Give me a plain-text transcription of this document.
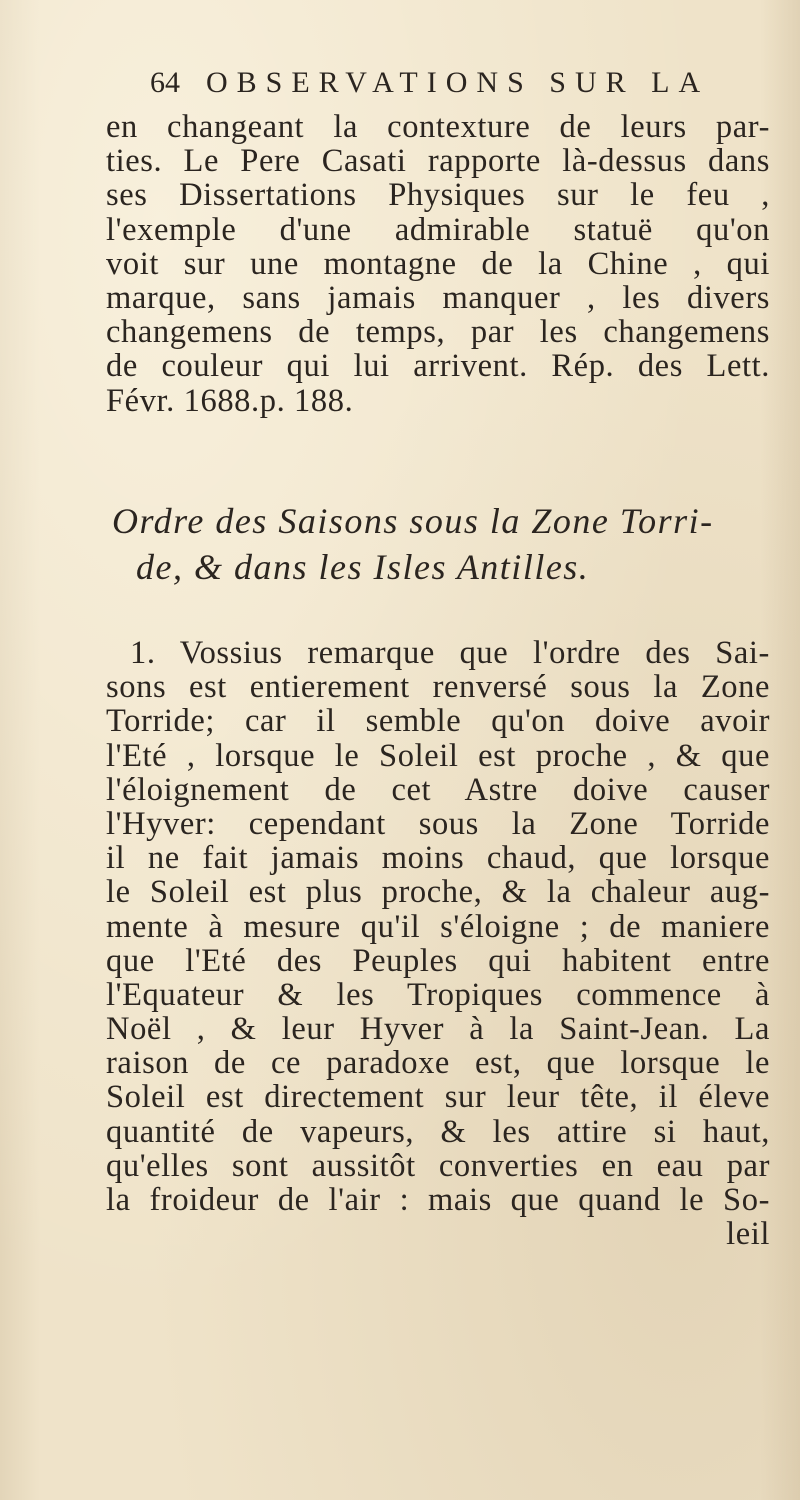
64 OBSERVATIONS SUR LA
en changeant la contexture de leurs par-
ties. Le Pere Casati rapporte là-dessus dans
ses Dissertations Physiques sur le feu ,
l'exemple d'une admirable statuë qu'on
voit sur une montagne de la Chine , qui
marque, sans jamais manquer , les divers
changemens de temps, par les changemens
de couleur qui lui arrivent. Rép. des Lett.
Févr. 1688.p. 188.
Ordre des Saisons sous la Zone Torri-
de, & dans les Isles Antilles.
1. Vossius remarque que l'ordre des Sai-
sons est entierement renversé sous la Zone
Torride; car il semble qu'on doive avoir
l'Eté , lorsque le Soleil est proche , & que
l'éloignement de cet Astre doive causer
l'Hyver: cependant sous la Zone Torride
il ne fait jamais moins chaud, que lorsque
le Soleil est plus proche, & la chaleur aug-
mente à mesure qu'il s'éloigne ; de maniere
que l'Eté des Peuples qui habitent entre
l'Equateur & les Tropiques commence à
Noël , & leur Hyver à la Saint-Jean. La
raison de ce paradoxe est, que lorsque le
Soleil est directement sur leur tête, il éleve
quantité de vapeurs, & les attire si haut,
qu'elles sont aussitôt converties en eau par
la froideur de l'air : mais que quand le So-
leil
